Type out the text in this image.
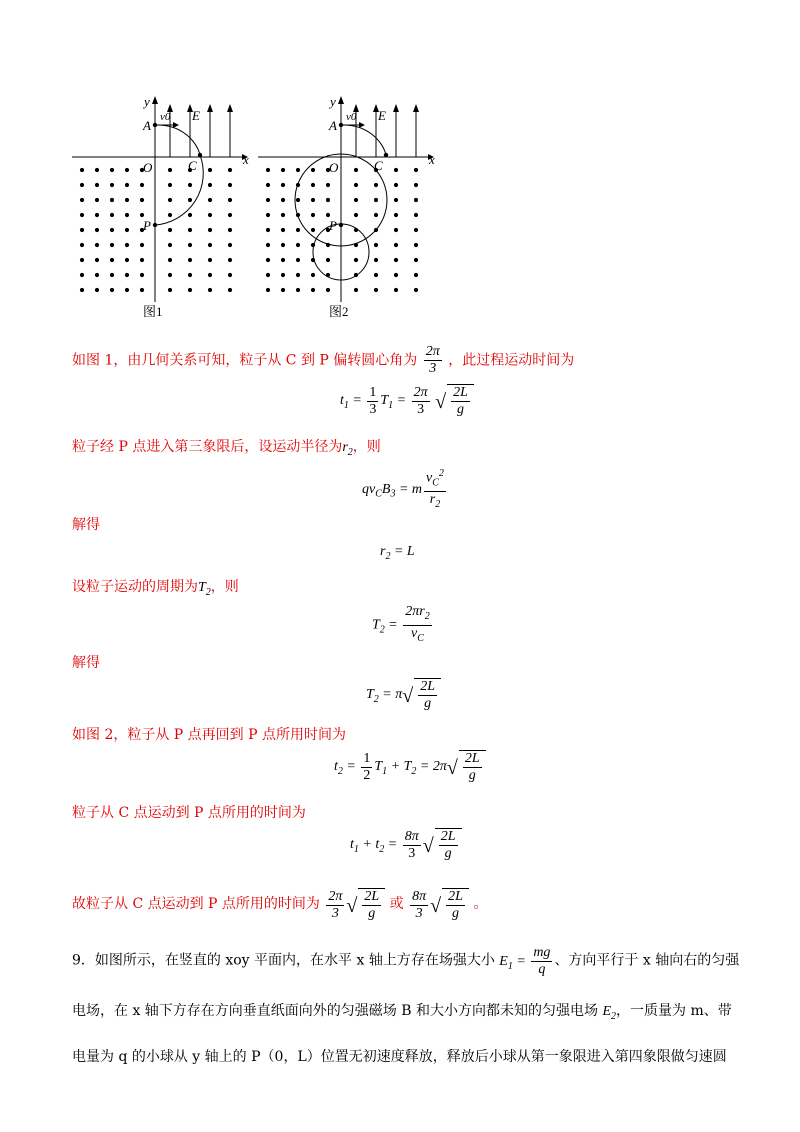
y
x
O
A
C
P
E
v0
图1
y
x
O
A
C
P
E
v0
图2
如图 1，由几何关系可知，粒子从 C 到 P 偏转圆心角为 $\frac{2\pi}{3}$ ，此过程运动时间为
$t_1 = \frac{1}{3} T_1 = \frac{2\pi}{3}$
√ $\frac{2L}{g}$
粒子经 P 点进入第三象限后，设运动半径为$r_2$，则
$qv_CB_3 = m \frac{v_C^2}{r_2}$
解得
$r_2 = L$
设粒子运动的周期为$T_2$，则
$T_2 = \frac{2\pi r_2}{v_C}$
解得
$T_2 = \pi$ √ $\frac{2L}{g}$
如图 2，粒子从 P 点再回到 P 点所用时间为
$t_2 = \frac{1}{2} T_1 + T_2 = 2\pi$ √ $\frac{2L}{g}$
粒子从 C 点运动到 P 点所用的时间为
$t_1 + t_2 = \frac{8\pi}{3}$ √ $\frac{2L}{g}$
故粒子从 C 点运动到 P 点所用的时间为 $\frac{2\pi}{3}$ √ $\frac{2L}{g}$ 或 $\frac{8\pi}{3}$ √ $\frac{2L}{g}$ 。
9．如图所示，在竖直的 xoy 平面内，在水平 x 轴上方存在场强大小 $E_1 = \frac{mg}{q}$ 、方向平行于 x 轴向右的匀强
电场，在 x 轴下方存在方向垂直纸面向外的匀强磁场 B 和大小方向都未知的匀强电场 $E_2$，一质量为 m、带
电量为 q 的小球从 y 轴上的 P（0，L）位置无初速度释放，释放后小球从第一象限进入第四象限做匀速圆
